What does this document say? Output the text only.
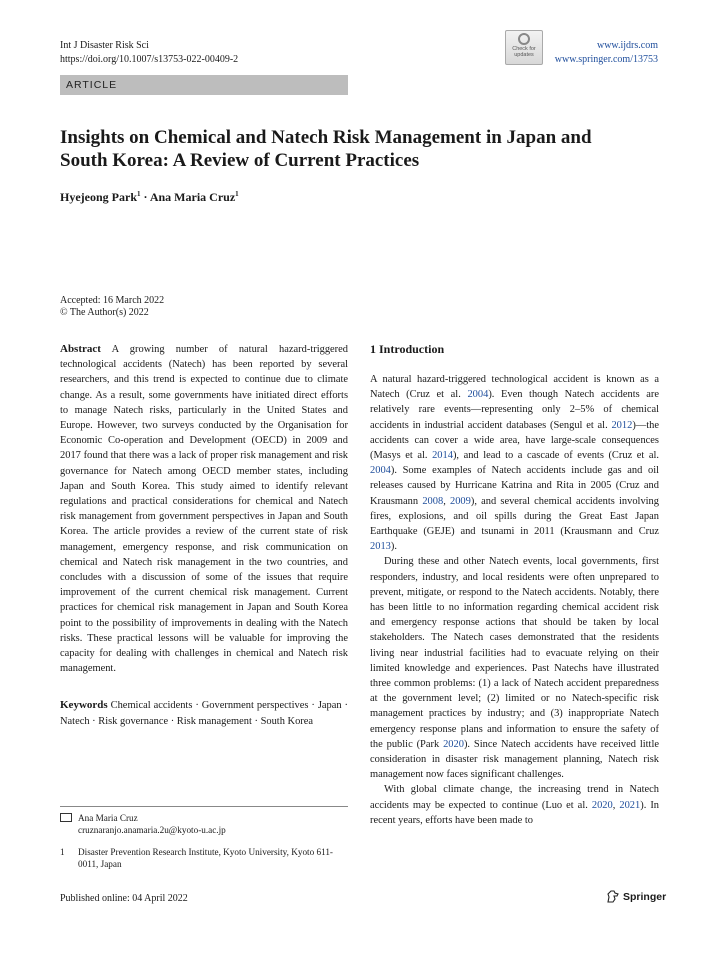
Int J Disaster Risk Sci
https://doi.org/10.1007/s13753-022-00409-2
Check for
updates
www.ijdrs.com
www.springer.com/13753
ARTICLE
Insights on Chemical and Natech Risk Management in Japan and South Korea: A Review of Current Practices
Hyejeong Park$^1$ · Ana Maria Cruz$^1$
Accepted: 16 March 2022
© The Author(s) 2022

Abstract A growing number of natural hazard-triggered technological accidents (Natech) has been reported by several researchers, and this trend is expected to continue due to climate change. As a result, some governments have initiated direct efforts to manage Natech risks, particularly in the United States and Europe. However, two surveys conducted by the Organisation for Economic Co-operation and Development (OECD) in 2009 and 2017 found that there was a lack of proper risk management and risk governance for Natech among OECD member states, including Japan and South Korea. This study aimed to identify relevant regulations and practical considerations for chemical and Natech risk management from government perspectives in Japan and South Korea. The article provides a review of the current state of risk management, emergency response, and risk communication on chemical and Natech risk management in the two countries, and concludes with a discussion of some of the issues that require improvement of the current chemical risk management. Current practices for chemical risk management in Japan and South Korea point to the possibility of improvements in dealing with the Natech risks. These practical lessons will be valuable for improving the capacity for dealing with challenges in chemical and Natech risk management.

Keywords Chemical accidents · Government perspectives · Japan · Natech · Risk governance · Risk management · South Korea

Ana Maria Cruz
cruznaranjo.anamaria.2u@kyoto-u.ac.jp
1	Disaster Prevention Research Institute, Kyoto University, Kyoto 611-0011, Japan
1 Introduction

A natural hazard-triggered technological accident is known as a Natech (Cruz et al. 2004). Even though Natech accidents are relatively rare events—representing only 2–5% of chemical accidents in industrial accident databases (Sengul et al. 2012)—the accidents can cover a wide area, have large-scale consequences (Masys et al. 2014), and lead to a cascade of events (Cruz et al. 2004). Some examples of Natech accidents include gas and oil releases caused by Hurricane Katrina and Rita in 2005 (Cruz and Krausmann 2008, 2009), and several chemical accidents involving fires, explosions, and oil spills during the Great East Japan Earthquake (GEJE) and tsunami in 2011 (Krausmann and Cruz 2013).

During these and other Natech events, local governments, first responders, industry, and local residents were often unprepared to prevent, mitigate, or respond to the Natech accidents. Notably, there has been little to no information regarding chemical accident risk and emergency response actions that should be taken by local stakeholders. The Natech cases demonstrated that the residents living near industrial facilities had to evacuate relying on their limited knowledge and experiences. Past Natechs have illustrated three common problems: (1) a lack of Natech accident preparedness at the government level; (2) limited or no Natech-specific risk management practices by industry; and (3) inappropriate Natech emergency response plans and information to ensure the safety of the public (Park 2020). Since Natech accidents have received little consideration in disaster risk management planning, Natech risk management now faces significant challenges.

With global climate change, the increasing trend in Natech accidents may be expected to continue (Luo et al. 2020, 2021). In recent years, efforts have been made to

Published online: 04 April 2022	Springer
